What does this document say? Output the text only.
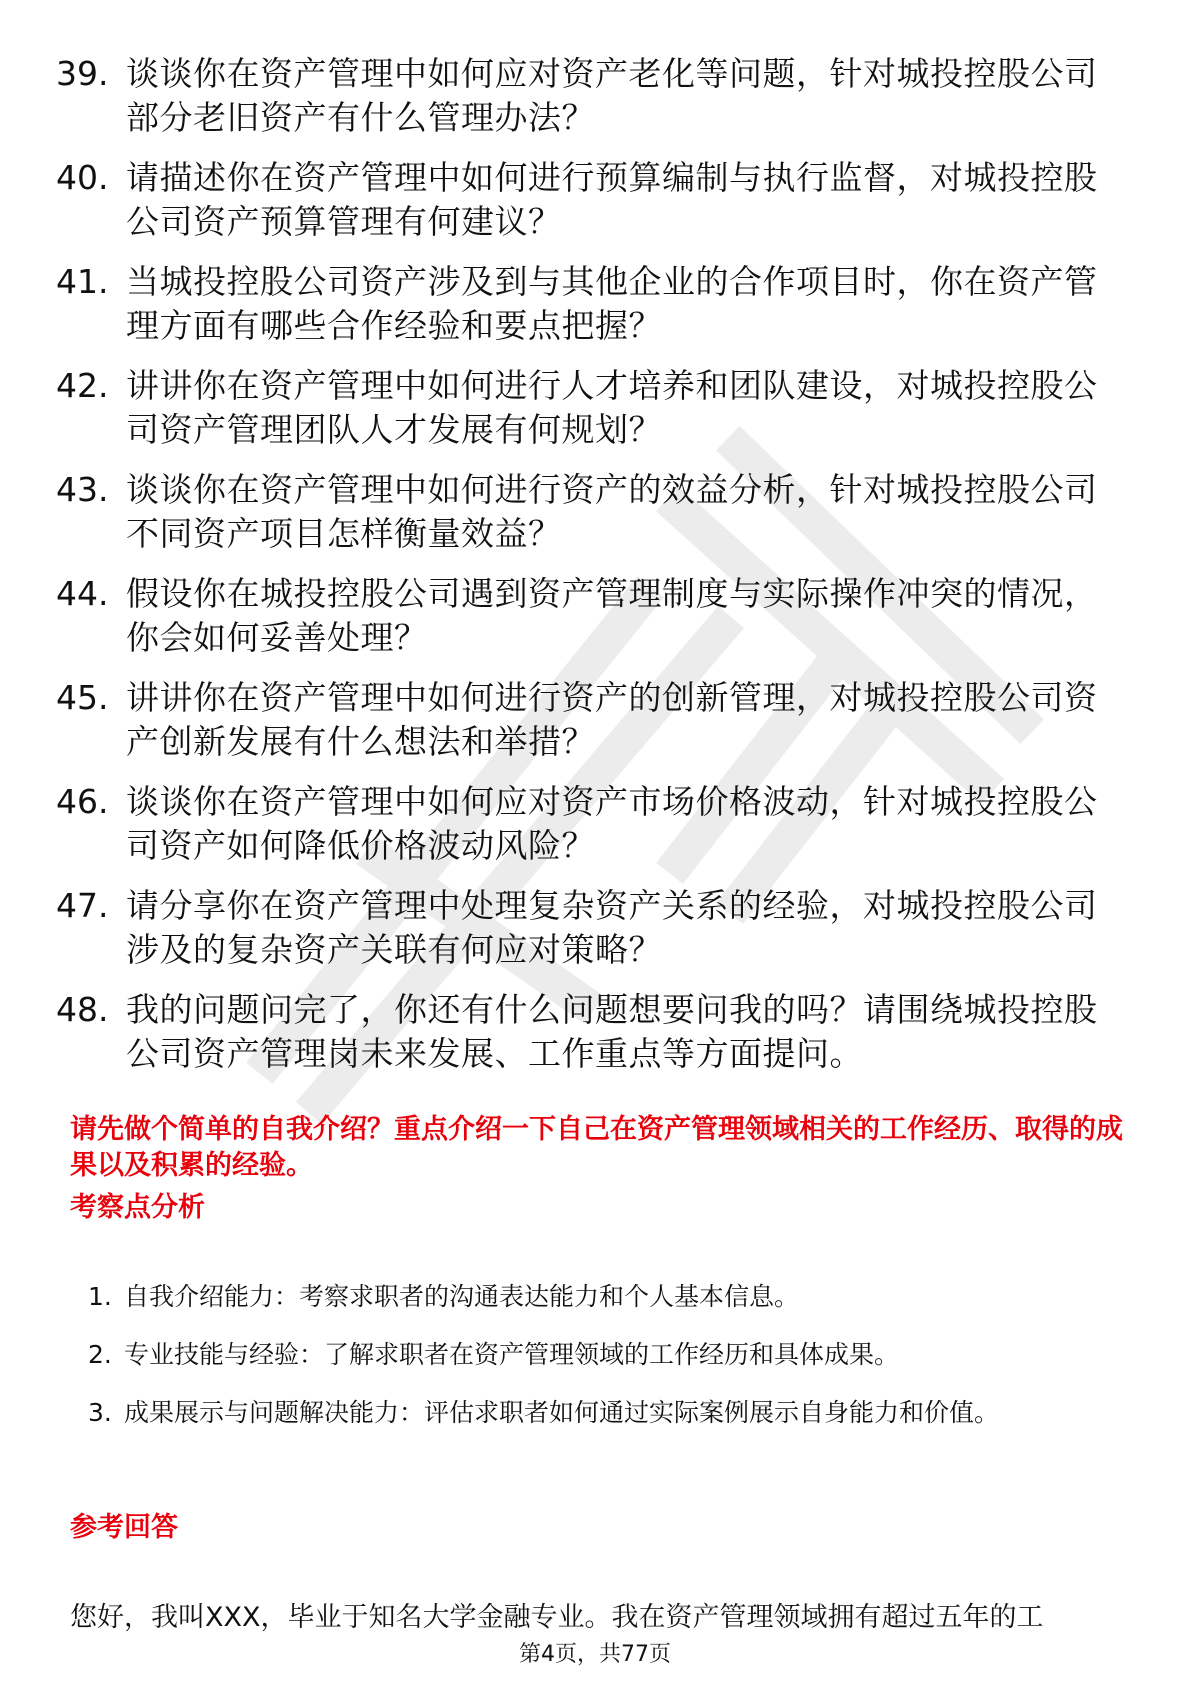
39. 谈谈你在资产管理中如何应对资产老化等问题，针对城投控股公司部分老旧资产有什么管理办法？
40. 请描述你在资产管理中如何进行预算编制与执行监督，对城投控股公司资产预算管理有何建议？
41. 当城投控股公司资产涉及到与其他企业的合作项目时，你在资产管理方面有哪些合作经验和要点把握？
42. 讲讲你在资产管理中如何进行人才培养和团队建设，对城投控股公司资产管理团队人才发展有何规划？
43. 谈谈你在资产管理中如何进行资产的效益分析，针对城投控股公司不同资产项目怎样衡量效益？
44. 假设你在城投控股公司遇到资产管理制度与实际操作冲突的情况，你会如何妥善处理？
45. 讲讲你在资产管理中如何进行资产的创新管理，对城投控股公司资产创新发展有什么想法和举措？
46. 谈谈你在资产管理中如何应对资产市场价格波动，针对城投控股公司资产如何降低价格波动风险？
47. 请分享你在资产管理中处理复杂资产关系的经验，对城投控股公司涉及的复杂资产关联有何应对策略？
48. 我的问题问完了，你还有什么问题想要问我的吗？请围绕城投控股公司资产管理岗未来发展、工作重点等方面提问。
请先做个简单的自我介绍？重点介绍一下自己在资产管理领域相关的工作经历、取得的成果以及积累的经验。
考察点分析
1. 自我介绍能力：考察求职者的沟通表达能力和个人基本信息。
2. 专业技能与经验：了解求职者在资产管理领域的工作经历和具体成果。
3. 成果展示与问题解决能力：评估求职者如何通过实际案例展示自身能力和价值。
参考回答
您好，我叫XXX，毕业于知名大学金融专业。我在资产管理领域拥有超过五年的工
第4页，共77页
